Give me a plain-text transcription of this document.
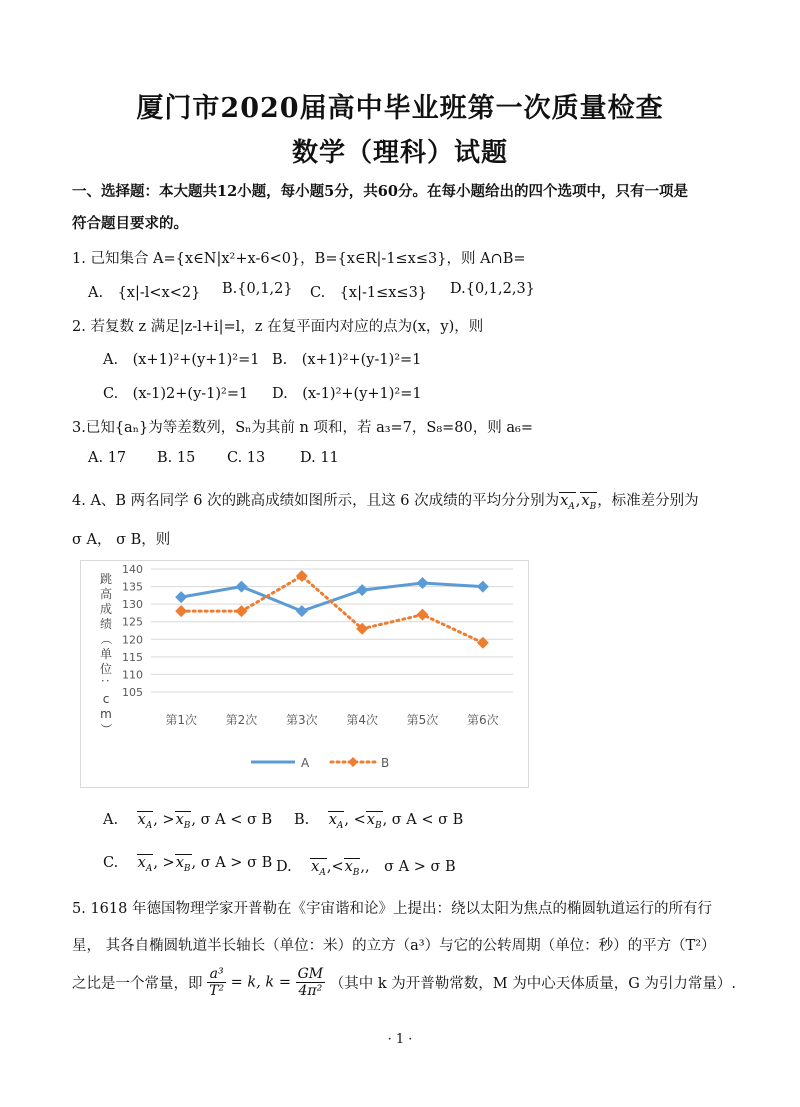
厦门市2020届高中毕业班第一次质量检查
数学（理科）试题
一、选择题：本大题共12小题，每小题5分，共60分。在每小题给出的四个选项中，只有一项是
符合题目要求的。
1. 己知集合 A={x∈N|x²+x-6<0}，B={x∈R|-1≤x≤3}，则 A∩B=
A.　{x|-l<x<2} B.{0,1,2} C.　{x|-1≤x≤3} D.{0,1,2,3}
2. 若复数 z 满足|z-l+i|=l，z 在复平面内对应的点为(x，y)，则
A.　(x+1)²+(y+1)²=1 B.　(x+1)²+(y-1)²=1
C.　(x-1)2+(y-1)²=1 D.　(x-1)²+(y+1)²=1
3.已知{aₙ}为等差数列，Sₙ为其前 n 项和，若 a₃=7，S₈=80，则 a₆=
A. 17 B. 15 C. 13 D. 11
4. A、B 两名同学 6 次的跳高成绩如图所示，且这 6 次成绩的平均分分别为$x_A,x_B$，标准差分别为
σ A， σ B，则
105
110
115
120
125
130
135
140
跳
高
成
绩
（
单
位
：
c
m
）
第1次 第2次 第3次 第4次 第5次 第6次
A	B
A. $x_A$, $>x_B$, σ A < σ B B. $x_A$, $<x_B$, σ A < σ B
C. $x_A$, $>x_B$, σ A > σ B D. $x_A,<x_B$,,　σ A > σ B
5. 1618 年德国物理学家开普勒在《宇宙谐和论》上提出：绕以太阳为焦点的椭圆轨道运行的所有行
星， 其各自椭圆轨道半长轴长（单位：米）的立方（a³）与它的公转周期（单位：秒）的平方（T²）
之比是一个常量，即 $\frac{\text{a³}}{\text{T²}} = k$, $k = \frac{GM}{\text{4π²}}$ （其中 k 为开普勒常数，M 为中心天体质量，G 为引力常量）.
· 1 ·
